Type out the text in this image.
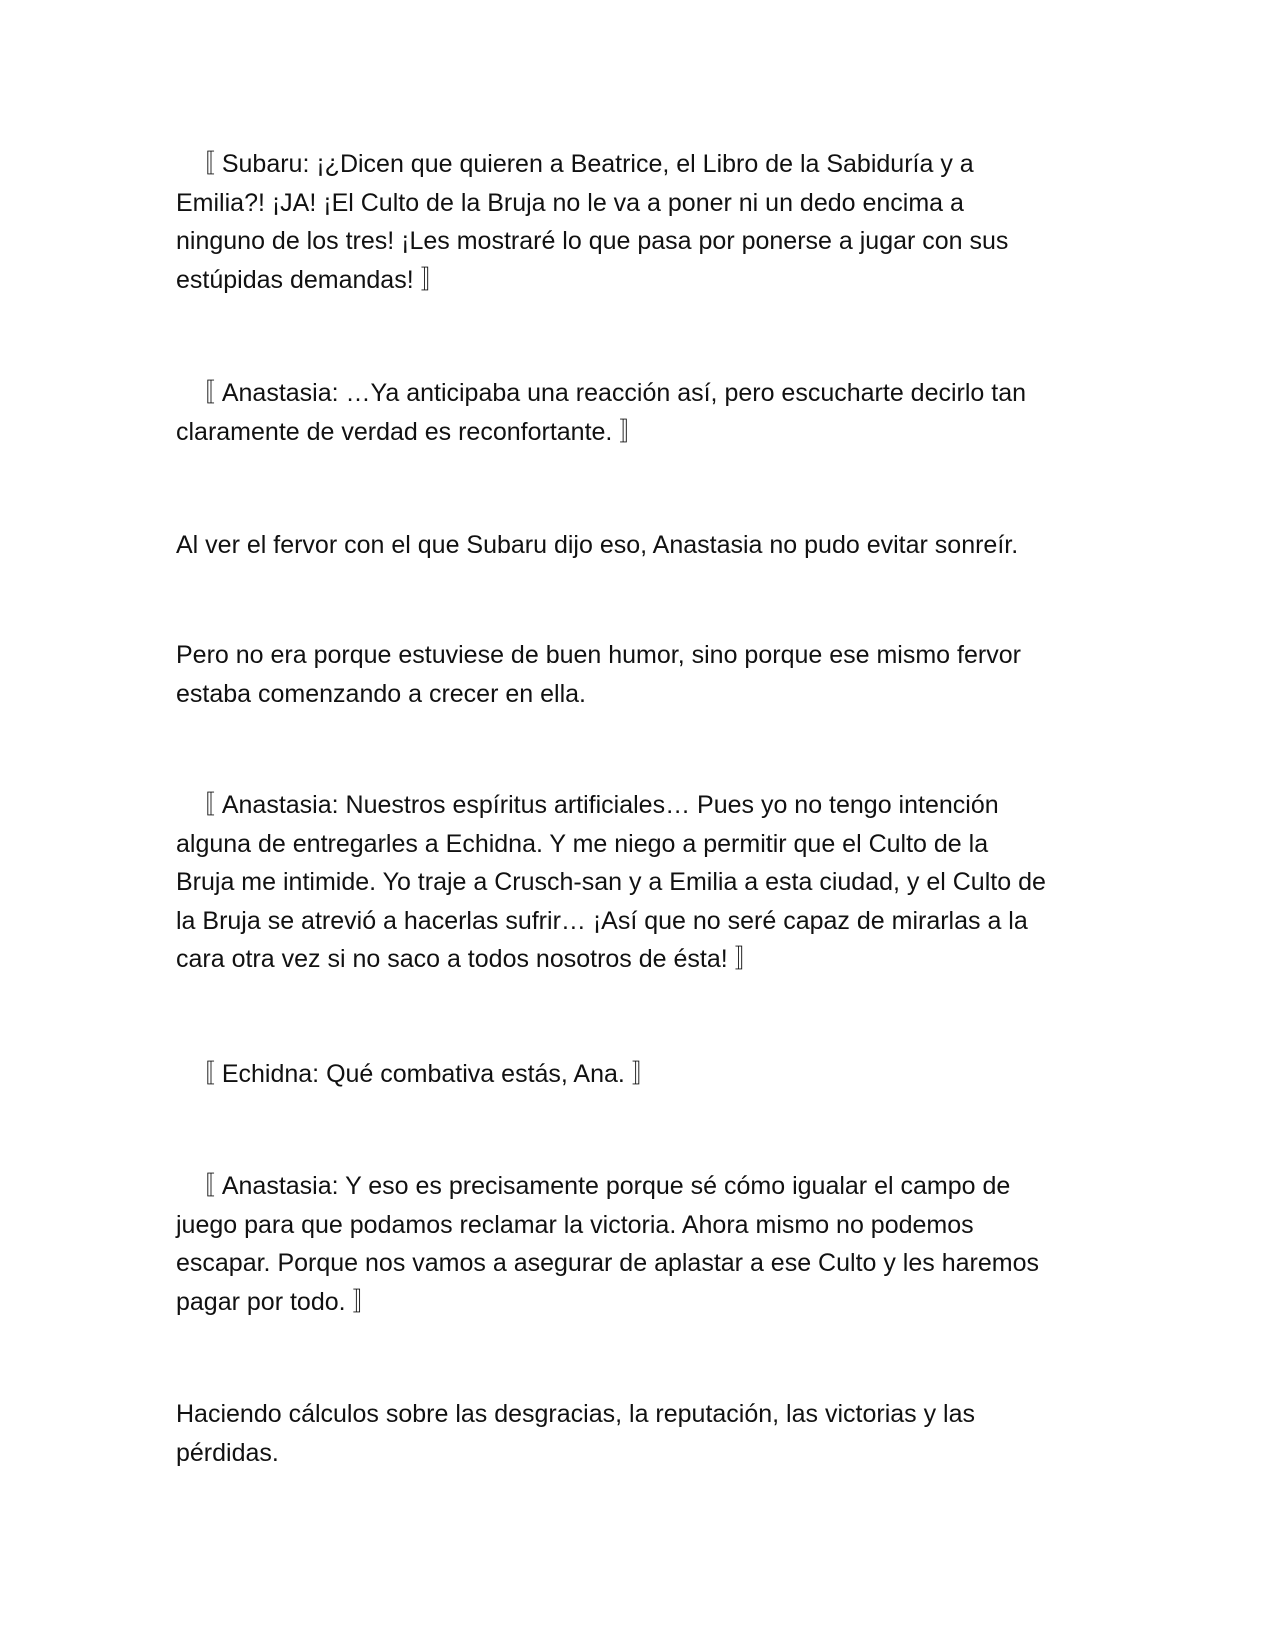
〚 Subaru: ¡¿Dicen que quieren a Beatrice, el Libro de la Sabiduría y a
Emilia?! ¡JA! ¡El Culto de la Bruja no le va a poner ni un dedo encima a
ninguno de los tres! ¡Les mostraré lo que pasa por ponerse a jugar con sus
estúpidas demandas! 〛

〚 Anastasia: …Ya anticipaba una reacción así, pero escucharte decirlo tan
claramente de verdad es reconfortante. 〛

Al ver el fervor con el que Subaru dijo eso, Anastasia no pudo evitar sonreír.

Pero no era porque estuviese de buen humor, sino porque ese mismo fervor
estaba comenzando a crecer en ella.

〚 Anastasia: Nuestros espíritus artificiales… Pues yo no tengo intención
alguna de entregarles a Echidna. Y me niego a permitir que el Culto de la
Bruja me intimide. Yo traje a Crusch-san y a Emilia a esta ciudad, y el Culto de
la Bruja se atrevió a hacerlas sufrir… ¡Así que no seré capaz de mirarlas a la
cara otra vez si no saco a todos nosotros de ésta! 〛

〚 Echidna: Qué combativa estás, Ana. 〛

〚 Anastasia: Y eso es precisamente porque sé cómo igualar el campo de
juego para que podamos reclamar la victoria. Ahora mismo no podemos
escapar. Porque nos vamos a asegurar de aplastar a ese Culto y les haremos
pagar por todo. 〛

Haciendo cálculos sobre las desgracias, la reputación, las victorias y las
pérdidas.
